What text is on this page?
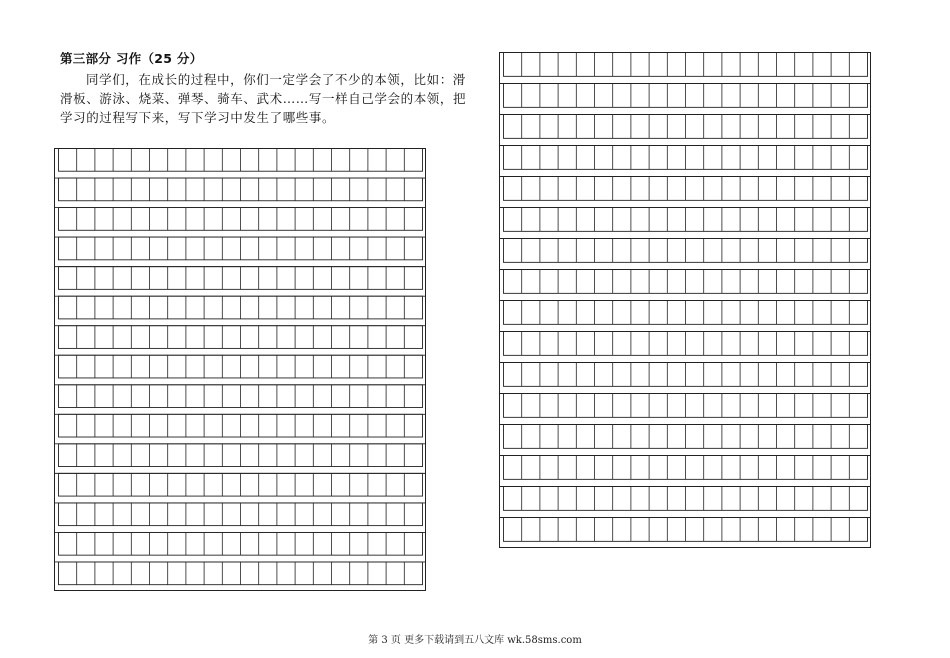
第三部分 习作（25 分）

同学们，在成长的过程中，你们一定学会了不少的本领，比如：滑滑板、游泳、烧菜、弹琴、骑车、武术……写一样自己学会的本领，把学习的过程写下来，写下学习中发生了哪些事。

第 3 页 更多下载请到五八文库 wk.58sms.com
